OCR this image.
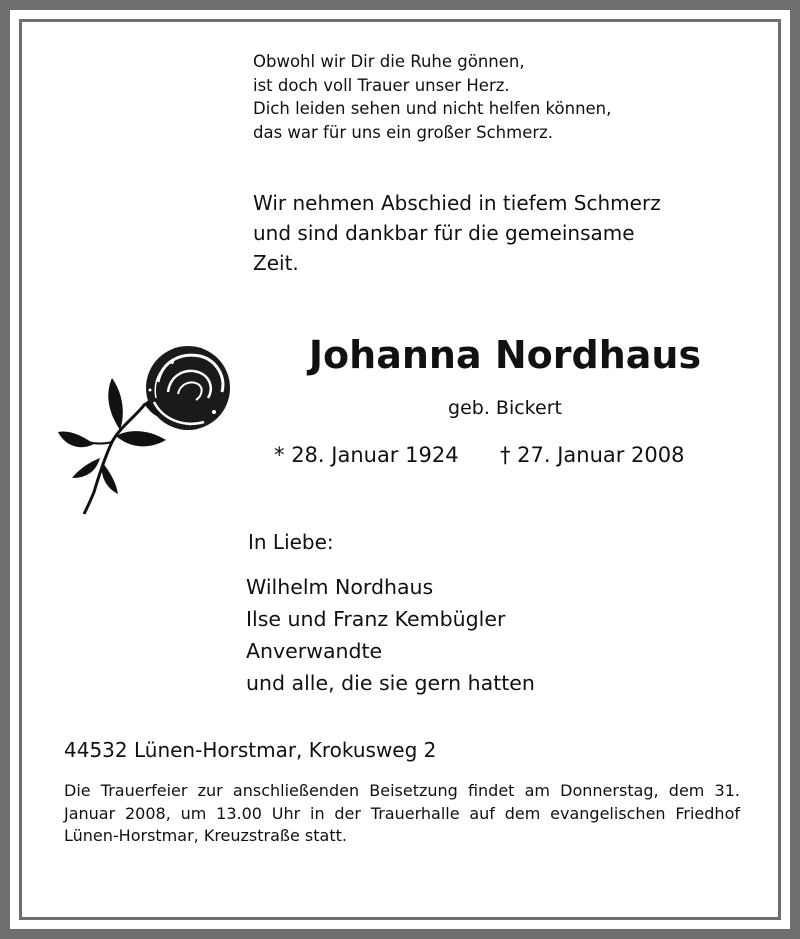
Obwohl wir Dir die Ruhe gönnen,
ist doch voll Trauer unser Herz.
Dich leiden sehen und nicht helfen können,
das war für uns ein großer Schmerz.
Wir nehmen Abschied in tiefem Schmerz
und sind dankbar für die gemeinsame
Zeit.
Johanna Nordhaus
geb. Bickert
* 28. Januar 1924 † 27. Januar 2008
In Liebe:
Wilhelm Nordhaus
Ilse und Franz Kembügler
Anverwandte
und alle, die sie gern hatten
44532 Lünen-Horstmar, Krokusweg 2

Die Trauerfeier zur anschließenden Beisetzung findet am Donnerstag, dem 31. Januar 2008, um 13.00 Uhr in der Trauerhalle auf dem evangelischen Friedhof Lünen-Horstmar, Kreuzstraße statt.
